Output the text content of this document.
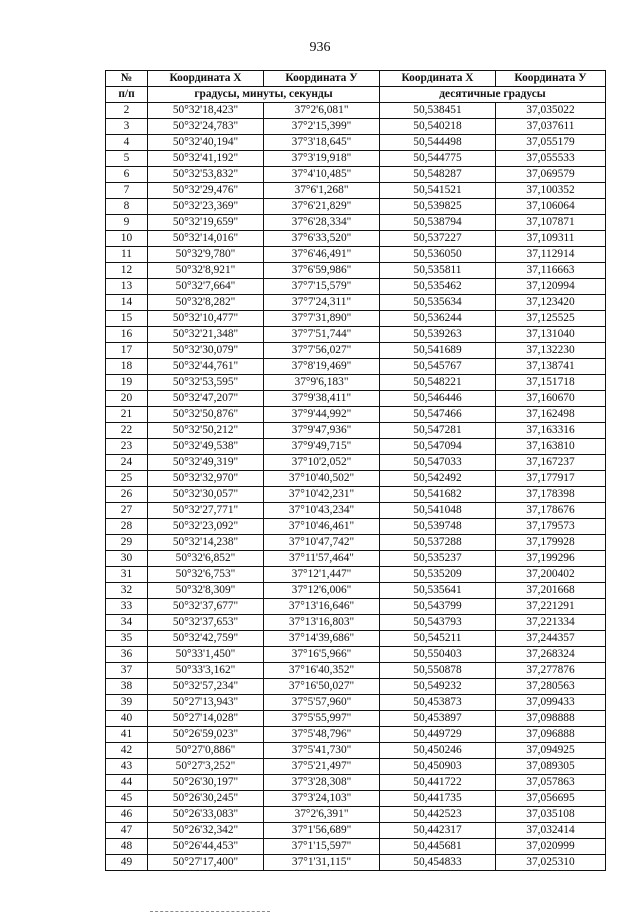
936
№	Координата X	Координата У	Координата X	Координата У
п/п	градусы, минуты, секунды		десятичные градусы	
2	50°32'18,423"	37°2'6,081"	50,538451	37,035022
3	50°32'24,783"	37°2'15,399"	50,540218	37,037611
4	50°32'40,194"	37°3'18,645"	50,544498	37,055179
5	50°32'41,192"	37°3'19,918"	50,544775	37,055533
6	50°32'53,832"	37°4'10,485"	50,548287	37,069579
7	50°32'29,476"	37°6'1,268"	50,541521	37,100352
8	50°32'23,369"	37°6'21,829"	50,539825	37,106064
9	50°32'19,659"	37°6'28,334"	50,538794	37,107871
10	50°32'14,016"	37°6'33,520"	50,537227	37,109311
11	50°32'9,780"	37°6'46,491"	50,536050	37,112914
12	50°32'8,921"	37°6'59,986"	50,535811	37,116663
13	50°32'7,664"	37°7'15,579"	50,535462	37,120994
14	50°32'8,282"	37°7'24,311"	50,535634	37,123420
15	50°32'10,477"	37°7'31,890"	50,536244	37,125525
16	50°32'21,348"	37°7'51,744"	50,539263	37,131040
17	50°32'30,079"	37°7'56,027"	50,541689	37,132230
18	50°32'44,761"	37°8'19,469"	50,545767	37,138741
19	50°32'53,595"	37°9'6,183"	50,548221	37,151718
20	50°32'47,207"	37°9'38,411"	50,546446	37,160670
21	50°32'50,876"	37°9'44,992"	50,547466	37,162498
22	50°32'50,212"	37°9'47,936"	50,547281	37,163316
23	50°32'49,538"	37°9'49,715"	50,547094	37,163810
24	50°32'49,319"	37°10'2,052"	50,547033	37,167237
25	50°32'32,970"	37°10'40,502"	50,542492	37,177917
26	50°32'30,057"	37°10'42,231"	50,541682	37,178398
27	50°32'27,771"	37°10'43,234"	50,541048	37,178676
28	50°32'23,092"	37°10'46,461"	50,539748	37,179573
29	50°32'14,238"	37°10'47,742"	50,537288	37,179928
30	50°32'6,852"	37°11'57,464"	50,535237	37,199296
31	50°32'6,753"	37°12'1,447"	50,535209	37,200402
32	50°32'8,309"	37°12'6,006"	50,535641	37,201668
33	50°32'37,677"	37°13'16,646"	50,543799	37,221291
34	50°32'37,653"	37°13'16,803"	50,543793	37,221334
35	50°32'42,759"	37°14'39,686"	50,545211	37,244357
36	50°33'1,450"	37°16'5,966"	50,550403	37,268324
37	50°33'3,162"	37°16'40,352"	50,550878	37,277876
38	50°32'57,234"	37°16'50,027"	50,549232	37,280563
39	50°27'13,943"	37°5'57,960"	50,453873	37,099433
40	50°27'14,028"	37°5'55,997"	50,453897	37,098888
41	50°26'59,023"	37°5'48,796"	50,449729	37,096888
42	50°27'0,886"	37°5'41,730"	50,450246	37,094925
43	50°27'3,252"	37°5'21,497"	50,450903	37,089305
44	50°26'30,197"	37°3'28,308"	50,441722	37,057863
45	50°26'30,245"	37°3'24,103"	50,441735	37,056695
46	50°26'33,083"	37°2'6,391"	50,442523	37,035108
47	50°26'32,342"	37°1'56,689"	50,442317	37,032414
48	50°26'44,453"	37°1'15,597"	50,445681	37,020999
49	50°27'17,400"	37°1'31,115"	50,454833	37,025310
